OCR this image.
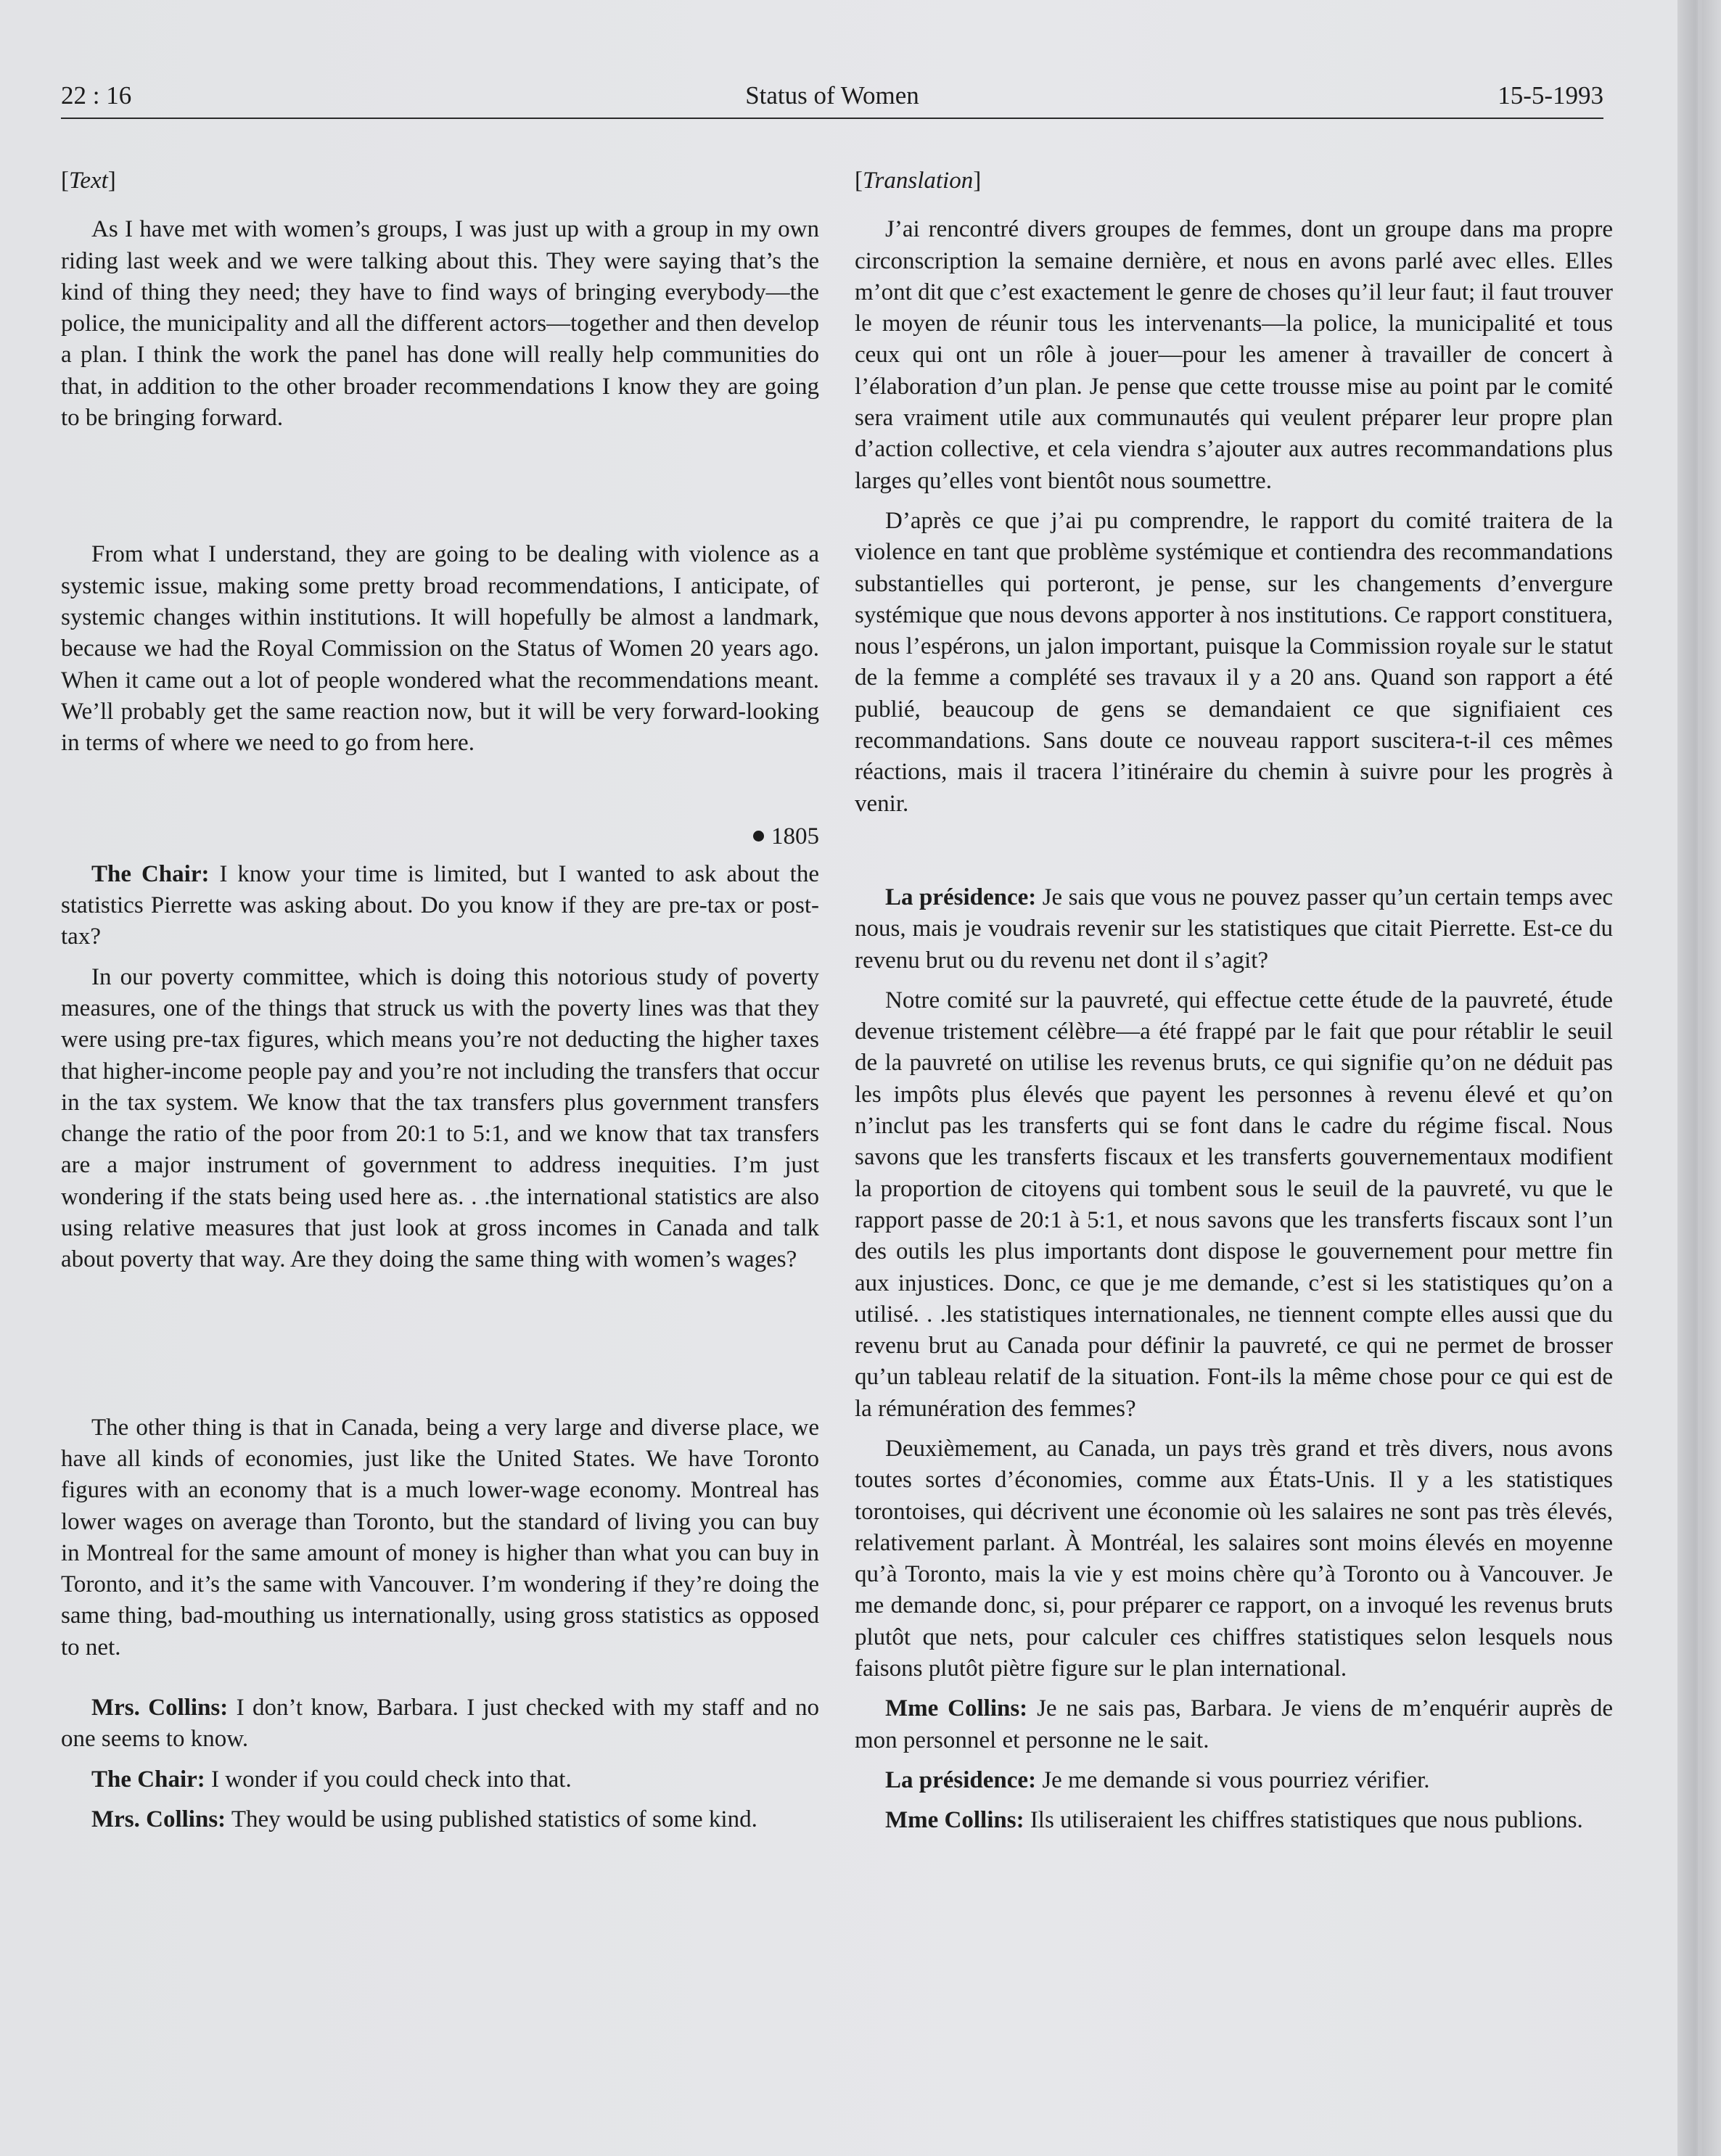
22 : 16	Status of Women	15-5-1993

[Text]

As I have met with women’s groups, I was just up with a group in my own riding last week and we were talking about this. They were saying that’s the kind of thing they need; they have to find ways of bringing everybody—the police, the municipality and all the different actors—together and then develop a plan. I think the work the panel has done will really help communities do that, in addition to the other broader recommendations I know they are going to be bringing forward.

From what I understand, they are going to be dealing with violence as a systemic issue, making some pretty broad recommendations, I anticipate, of systemic changes within institutions. It will hopefully be almost a landmark, because we had the Royal Commission on the Status of Women 20 years ago. When it came out a lot of people wondered what the recommendations meant. We’ll probably get the same reaction now, but it will be very forward-looking in terms of where we need to go from here.

1805

The Chair: I know your time is limited, but I wanted to ask about the statistics Pierrette was asking about. Do you know if they are pre-tax or post-tax?

In our poverty committee, which is doing this notorious study of poverty measures, one of the things that struck us with the poverty lines was that they were using pre-tax figures, which means you’re not deducting the higher taxes that higher-income people pay and you’re not including the transfers that occur in the tax system. We know that the tax transfers plus government transfers change the ratio of the poor from 20:1 to 5:1, and we know that tax transfers are a major instrument of government to address inequities. I’m just wondering if the stats being used here as. . .the international statistics are also using relative measures that just look at gross incomes in Canada and talk about poverty that way. Are they doing the same thing with women’s wages?

The other thing is that in Canada, being a very large and diverse place, we have all kinds of economies, just like the United States. We have Toronto figures with an economy that is a much lower-wage economy. Montreal has lower wages on average than Toronto, but the standard of living you can buy in Montreal for the same amount of money is higher than what you can buy in Toronto, and it’s the same with Vancouver. I’m wondering if they’re doing the same thing, bad-mouthing us internationally, using gross statistics as opposed to net.

Mrs. Collins: I don’t know, Barbara. I just checked with my staff and no one seems to know.

The Chair: I wonder if you could check into that.

Mrs. Collins: They would be using published statistics of some kind.

[Translation]

J’ai rencontré divers groupes de femmes, dont un groupe dans ma propre circonscription la semaine dernière, et nous en avons parlé avec elles. Elles m’ont dit que c’est exactement le genre de choses qu’il leur faut; il faut trouver le moyen de réunir tous les intervenants—la police, la municipalité et tous ceux qui ont un rôle à jouer—pour les amener à travailler de concert à l’élaboration d’un plan. Je pense que cette trousse mise au point par le comité sera vraiment utile aux communautés qui veulent préparer leur propre plan d’action collective, et cela viendra s’ajouter aux autres recommandations plus larges qu’elles vont bientôt nous soumettre.

D’après ce que j’ai pu comprendre, le rapport du comité traitera de la violence en tant que problème systémique et contiendra des recommandations substantielles qui porteront, je pense, sur les changements d’envergure systémique que nous devons apporter à nos institutions. Ce rapport constituera, nous l’espérons, un jalon important, puisque la Commission royale sur le statut de la femme a complété ses travaux il y a 20 ans. Quand son rapport a été publié, beaucoup de gens se demandaient ce que signifiaient ces recommandations. Sans doute ce nouveau rapport suscitera-t-il ces mêmes réactions, mais il tracera l’itinéraire du chemin à suivre pour les progrès à venir.

La présidence: Je sais que vous ne pouvez passer qu’un certain temps avec nous, mais je voudrais revenir sur les statistiques que citait Pierrette. Est-ce du revenu brut ou du revenu net dont il s’agit?

Notre comité sur la pauvreté, qui effectue cette étude de la pauvreté, étude devenue tristement célèbre—a été frappé par le fait que pour rétablir le seuil de la pauvreté on utilise les revenus bruts, ce qui signifie qu’on ne déduit pas les impôts plus élevés que payent les personnes à revenu élevé et qu’on n’inclut pas les transferts qui se font dans le cadre du régime fiscal. Nous savons que les transferts fiscaux et les transferts gouvernementaux modifient la proportion de citoyens qui tombent sous le seuil de la pauvreté, vu que le rapport passe de 20:1 à 5:1, et nous savons que les transferts fiscaux sont l’un des outils les plus importants dont dispose le gouvernement pour mettre fin aux injustices. Donc, ce que je me demande, c’est si les statistiques qu’on a utilisé. . .les statistiques internationales, ne tiennent compte elles aussi que du revenu brut au Canada pour définir la pauvreté, ce qui ne permet de brosser qu’un tableau relatif de la situation. Font-ils la même chose pour ce qui est de la rémunération des femmes?

Deuxièmement, au Canada, un pays très grand et très divers, nous avons toutes sortes d’économies, comme aux États-Unis. Il y a les statistiques torontoises, qui décrivent une économie où les salaires ne sont pas très élevés, relativement parlant. À Montréal, les salaires sont moins élevés en moyenne qu’à Toronto, mais la vie y est moins chère qu’à Toronto ou à Vancouver. Je me demande donc, si, pour préparer ce rapport, on a invoqué les revenus bruts plutôt que nets, pour calculer ces chiffres statistiques selon lesquels nous faisons plutôt piètre figure sur le plan international.

Mme Collins: Je ne sais pas, Barbara. Je viens de m’enquérir auprès de mon personnel et personne ne le sait.

La présidence: Je me demande si vous pourriez vérifier.

Mme Collins: Ils utiliseraient les chiffres statistiques que nous publions.
